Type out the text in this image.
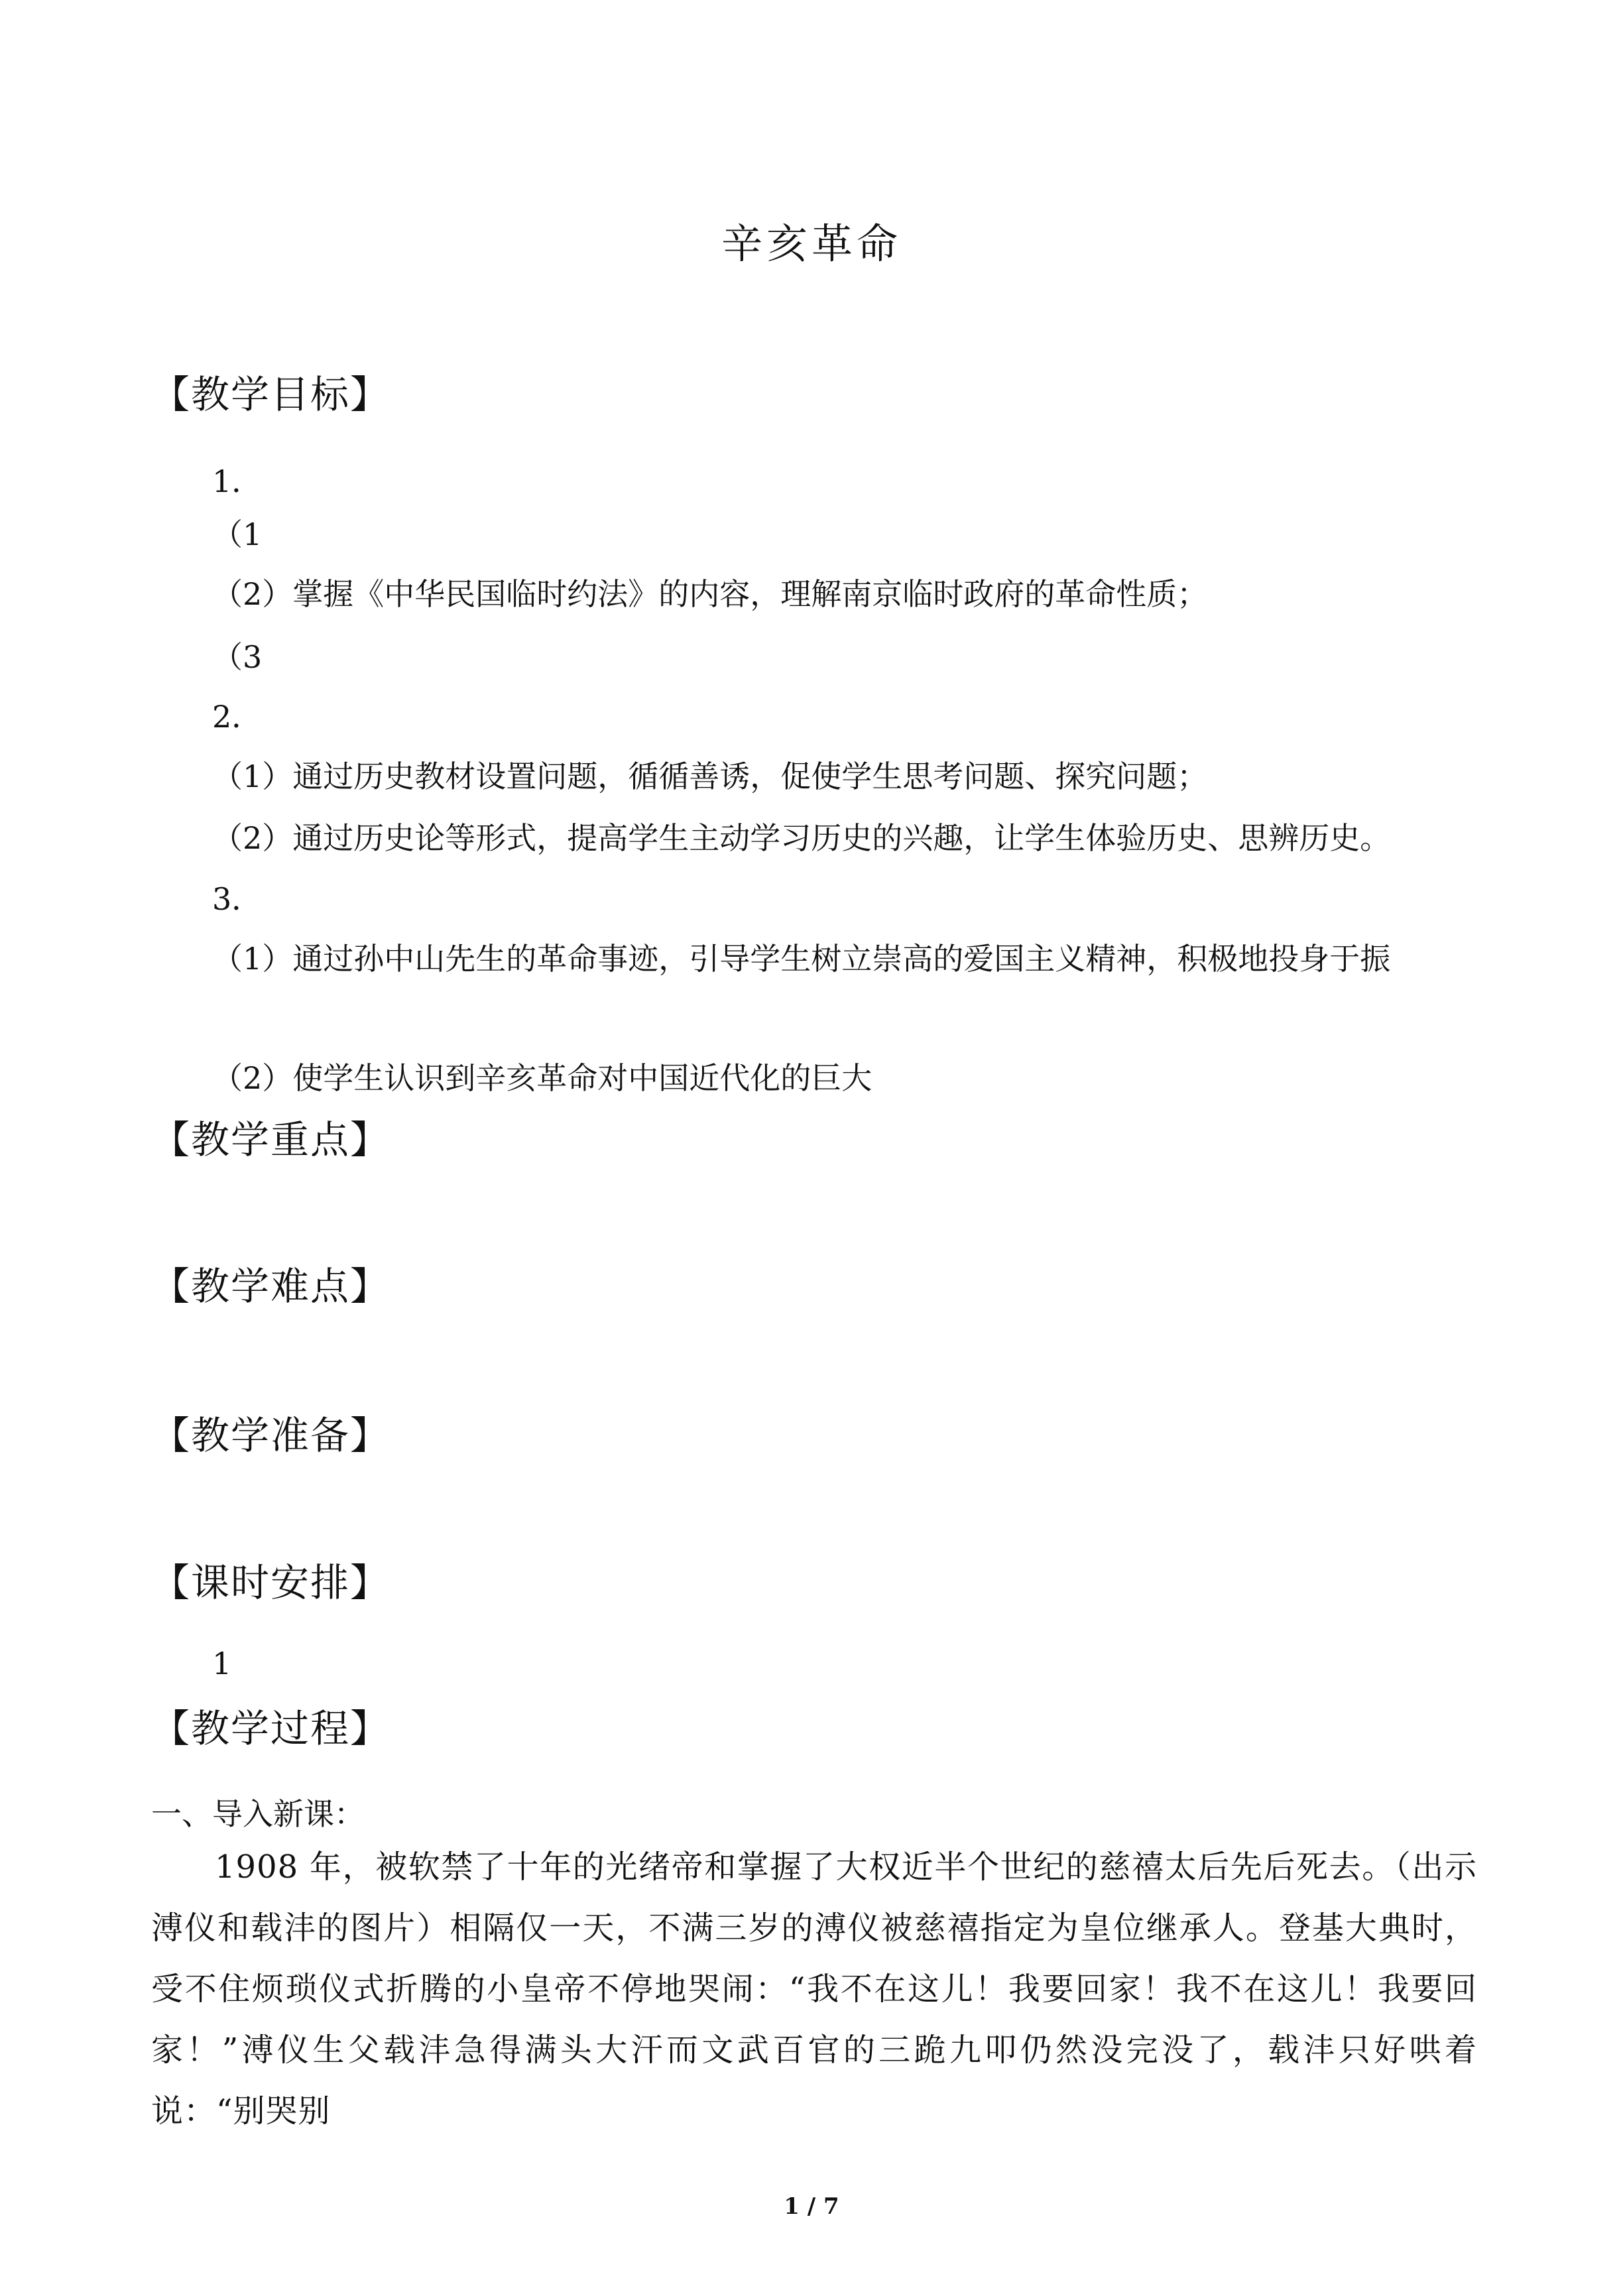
辛亥革命
【教学目标】
1．
（1
（2）掌握《中华民国临时约法》的内容，理解南京临时政府的革命性质；
（3
2．
（1）通过历史教材设置问题，循循善诱，促使学生思考问题、探究问题；
（2）通过历史论等形式，提高学生主动学习历史的兴趣，让学生体验历史、思辨历史。
3．
（1）通过孙中山先生的革命事迹，引导学生树立崇高的爱国主义精神，积极地投身于振
（2）使学生认识到辛亥革命对中国近代化的巨大
【教学重点】
【教学难点】
【教学准备】
【课时安排】
1
【教学过程】
一、导入新课：
1908 年，被软禁了十年的光绪帝和掌握了大权近半个世纪的慈禧太后先后死去。（出示溥仪和载沣的图片）相隔仅一天，不满三岁的溥仪被慈禧指定为皇位继承人。登基大典时，受不住烦琐仪式折腾的小皇帝不停地哭闹：“我不在这儿！我要回家！我不在这儿！我要回家！”溥仪生父载沣急得满头大汗而文武百官的三跪九叩仍然没完没了，载沣只好哄着说：“别哭别
1 / 7
